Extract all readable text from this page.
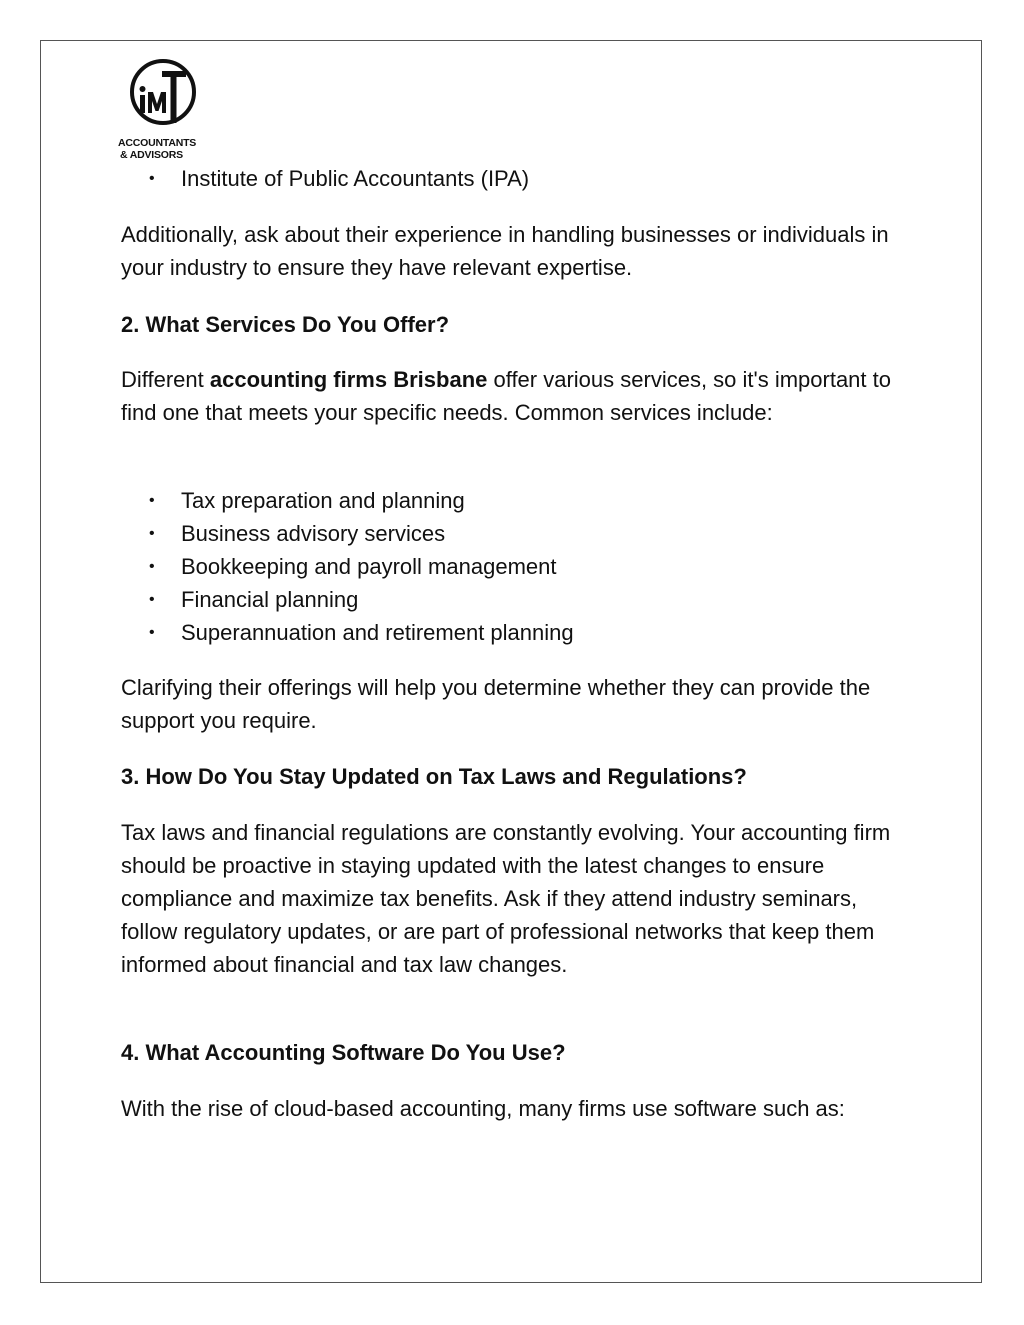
ACCOUNTANTS
& ADVISORS
• Institute of Public Accountants (IPA)

Additionally, ask about their experience in handling businesses or individuals in your industry to ensure they have relevant expertise.

2. What Services Do You Offer?

Different accounting firms Brisbane offer various services, so it's important to find one that meets your specific needs. Common services include:

• Tax preparation and planning
• Business advisory services
• Bookkeeping and payroll management
• Financial planning
• Superannuation and retirement planning

Clarifying their offerings will help you determine whether they can provide the support you require.

3. How Do You Stay Updated on Tax Laws and Regulations?

Tax laws and financial regulations are constantly evolving. Your accounting firm should be proactive in staying updated with the latest changes to ensure compliance and maximize tax benefits. Ask if they attend industry seminars, follow regulatory updates, or are part of professional networks that keep them informed about financial and tax law changes.

4. What Accounting Software Do You Use?

With the rise of cloud-based accounting, many firms use software such as:
